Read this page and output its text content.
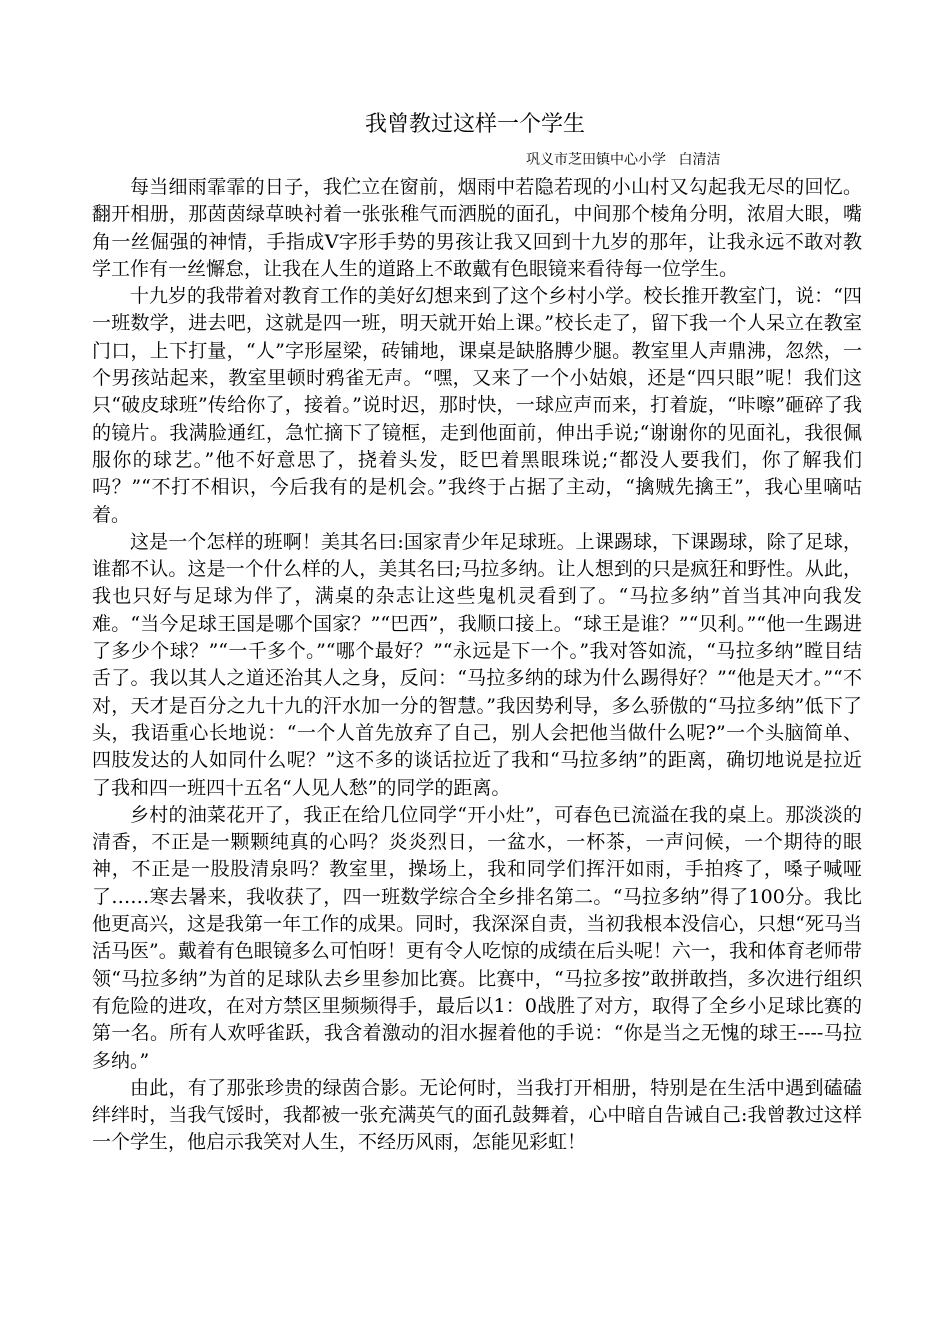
我曾教过这样一个学生
巩义市芝田镇中心小学 白清洁

每当细雨霏霏的日子，我伫立在窗前，烟雨中若隐若现的小山村又勾起我无尽的回忆。翻开相册，那茵茵绿草映衬着一张张稚气而洒脱的面孔，中间那个棱角分明，浓眉大眼，嘴角一丝倔强的神情，手指成V字形手势的男孩让我又回到十九岁的那年，让我永远不敢对教学工作有一丝懈怠，让我在人生的道路上不敢戴有色眼镜来看待每一位学生。

十九岁的我带着对教育工作的美好幻想来到了这个乡村小学。校长推开教室门，说：“四一班数学，进去吧，这就是四一班，明天就开始上课。”校长走了，留下我一个人呆立在教室门口，上下打量，“人”字形屋梁，砖铺地，课桌是缺胳膊少腿。教室里人声鼎沸，忽然，一个男孩站起来，教室里顿时鸦雀无声。“嘿，又来了一个小姑娘，还是“四只眼”呢！我们这只“破皮球班”传给你了，接着。”说时迟，那时快，一球应声而来，打着旋，“咔嚓”砸碎了我的镜片。我满脸通红，急忙摘下了镜框，走到他面前，伸出手说;“谢谢你的见面礼，我很佩服你的球艺。”他不好意思了，挠着头发，眨巴着黑眼珠说;“都没人要我们，你了解我们吗？”“不打不相识，今后我有的是机会。”我终于占据了主动，“擒贼先擒王”，我心里嘀咕着。

这是一个怎样的班啊！美其名曰:国家青少年足球班。上课踢球，下课踢球，除了足球，谁都不认。这是一个什么样的人，美其名曰;马拉多纳。让人想到的只是疯狂和野性。从此，我也只好与足球为伴了，满桌的杂志让这些鬼机灵看到了。“马拉多纳”首当其冲向我发难。“当今足球王国是哪个国家？”“巴西”，我顺口接上。“球王是谁？”“贝利。”“他一生踢进了多少个球？”“一千多个。”“哪个最好？”“永远是下一个。”我对答如流，“马拉多纳”瞠目结舌了。我以其人之道还治其人之身，反问：“马拉多纳的球为什么踢得好？”“他是天才。”“不对，天才是百分之九十九的汗水加一分的智慧。”我因势利导，多么骄傲的“马拉多纳”低下了头，我语重心长地说：“一个人首先放弃了自己，别人会把他当做什么呢?”一个头脑简单、四肢发达的人如同什么呢？”这不多的谈话拉近了我和“马拉多纳”的距离，确切地说是拉近了我和四一班四十五名“人见人愁”的同学的距离。

乡村的油菜花开了，我正在给几位同学“开小灶”，可春色已流溢在我的桌上。那淡淡的清香，不正是一颗颗纯真的心吗？炎炎烈日，一盆水，一杯茶，一声问候，一个期待的眼神，不正是一股股清泉吗？教室里，操场上，我和同学们挥汗如雨，手拍疼了，嗓子喊哑了……寒去暑来，我收获了，四一班数学综合全乡排名第二。“马拉多纳”得了100分。我比他更高兴，这是我第一年工作的成果。同时，我深深自责，当初我根本没信心，只想“死马当活马医”。戴着有色眼镜多么可怕呀！更有令人吃惊的成绩在后头呢！六一，我和体育老师带领“马拉多纳”为首的足球队去乡里参加比赛。比赛中，“马拉多按”敢拼敢挡，多次进行组织有危险的进攻，在对方禁区里频频得手，最后以1：0战胜了对方，取得了全乡小足球比赛的第一名。所有人欢呼雀跃，我含着激动的泪水握着他的手说：“你是当之无愧的球王----马拉多纳。”

由此，有了那张珍贵的绿茵合影。无论何时，当我打开相册，特别是在生活中遇到磕磕绊绊时，当我气馁时，我都被一张充满英气的面孔鼓舞着，心中暗自告诫自己:我曾教过这样一个学生，他启示我笑对人生，不经历风雨，怎能见彩虹！
